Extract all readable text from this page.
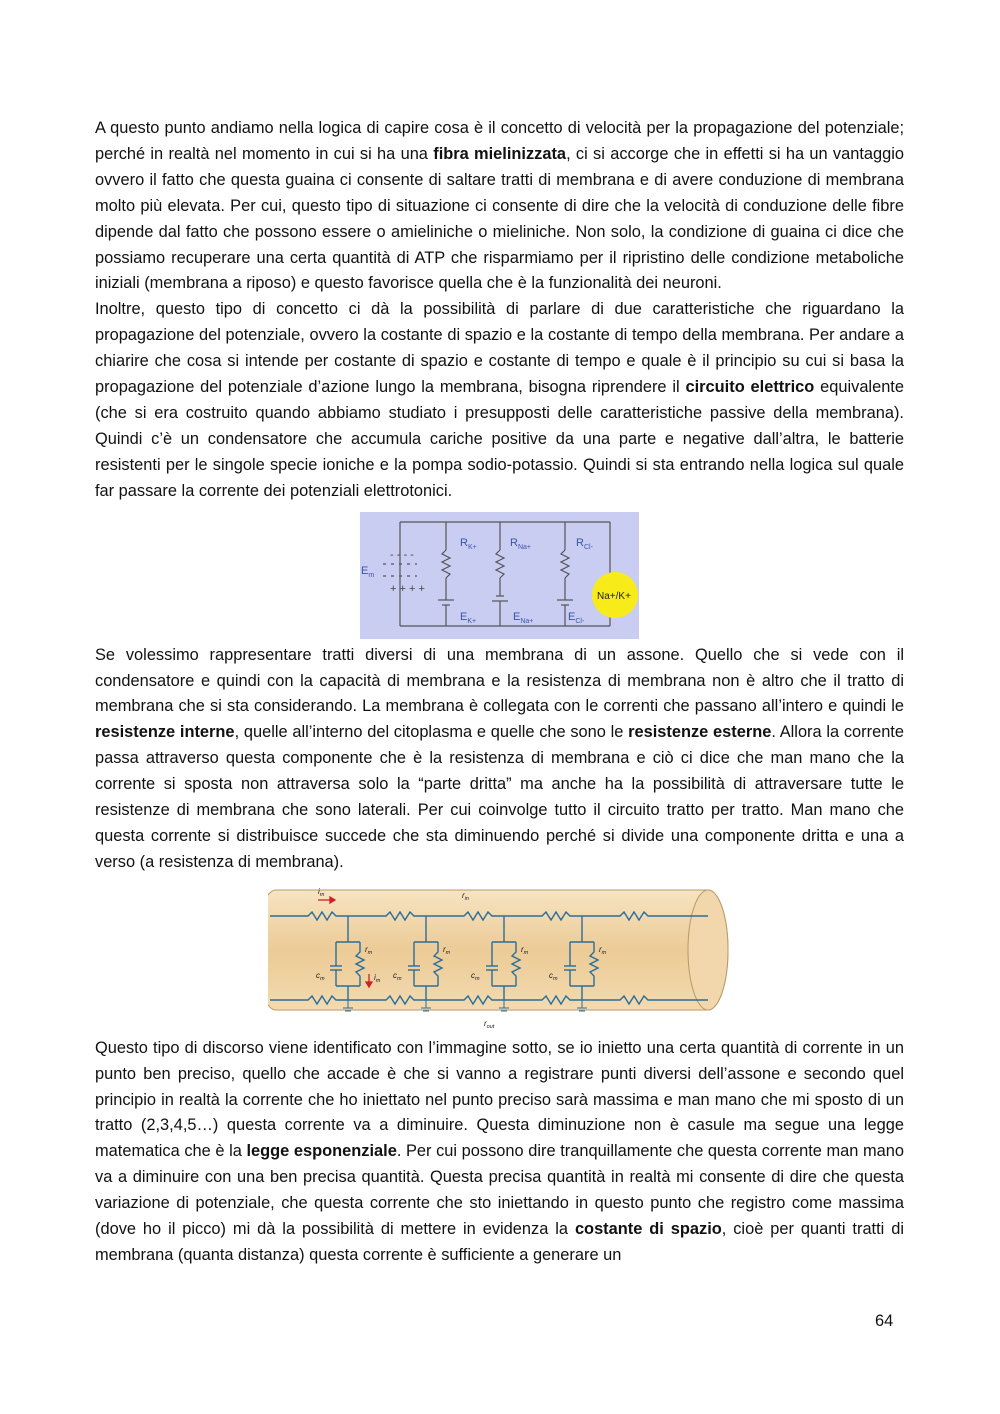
A questo punto andiamo nella logica di capire cosa è il concetto di velocità per la propagazione del potenziale; perché in realtà nel momento in cui si ha una fibra mielinizzata, ci si accorge che in effetti si ha un vantaggio ovvero il fatto che questa guaina ci consente di saltare tratti di membrana e di avere conduzione di membrana molto più elevata. Per cui, questo tipo di situazione ci consente di dire che la velocità di conduzione delle fibre dipende dal fatto che possono essere o amieliniche o mieliniche. Non solo, la condizione di guaina ci dice che possiamo recuperare una certa quantità di ATP che risparmiamo per il ripristino delle condizione metaboliche iniziali (membrana a riposo) e questo favorisce quella che è la funzionalità dei neuroni.

Inoltre, questo tipo di concetto ci dà la possibilità di parlare di due caratteristiche che riguardano la propagazione del potenziale, ovvero la costante di spazio e la costante di tempo della membrana. Per andare a chiarire che cosa si intende per costante di spazio e costante di tempo e quale è il principio su cui si basa la propagazione del potenziale d’azione lungo la membrana, bisogna riprendere il circuito elettrico equivalente (che si era costruito quando abbiamo studiato i presupposti delle caratteristiche passive della membrana). Quindi c’è un condensatore che accumula cariche positive da una parte e negative dall’altra, le batterie resistenti per le singole specie ioniche e la pompa sodio-potassio. Quindi si sta entrando nella logica sul quale far passare la corrente dei potenziali elettrotonici.

- - - -
+ + + +
$E_m$
$R_{K+}$	$R_{Na+}$	$R_{Cl-}$
$E_{K+}$	$E_{Na+}$	$E_{Cl-}$
Na+/K+

Se volessimo rappresentare tratti diversi di una membrana di un assone. Quello che si vede con il condensatore e quindi con la capacità di membrana e la resistenza di membrana non è altro che il tratto di membrana che si sta considerando. La membrana è collegata con le correnti che passano all’intero e quindi le resistenze interne, quelle all’interno del citoplasma e quelle che sono le resistenze esterne. Allora la corrente passa attraverso questa componente che è la resistenza di membrana e ciò ci dice che man mano che la corrente si sposta non attraversa solo la “parte dritta” ma anche ha la possibilità di attraversare tutte le resistenze di membrana che sono laterali. Per cui coinvolge tutto il circuito tratto per tratto. Man mano che questa corrente si distribuisce succede che sta diminuendo perché si divide una componente dritta e una a verso (a resistenza di membrana).

$i_m$	$r_{in}$
$r_m$	$r_m$	$r_m$	$r_m$
$c_m$	$i_m$
$c_m$	$c_m$	$c_m$
$r_{out}$

Questo tipo di discorso viene identificato con l’immagine sotto, se io inietto una certa quantità di corrente in un punto ben preciso, quello che accade è che si vanno a registrare punti diversi dell’assone e secondo quel principio in realtà la corrente che ho iniettato nel punto preciso sarà massima e man mano che mi sposto di un tratto (2,3,4,5…) questa corrente va a diminuire. Questa diminuzione non è casule ma segue una legge matematica che è la legge esponenziale. Per cui possono dire tranquillamente che questa corrente man mano va a diminuire con una ben precisa quantità. Questa precisa quantità in realtà mi consente di dire che questa variazione di potenziale, che questa corrente che sto iniettando in questo punto che registro come massima (dove ho il picco) mi dà la possibilità di mettere in evidenza la costante di spazio, cioè per quanti tratti di membrana (quanta distanza) questa corrente è sufficiente a generare un

64
